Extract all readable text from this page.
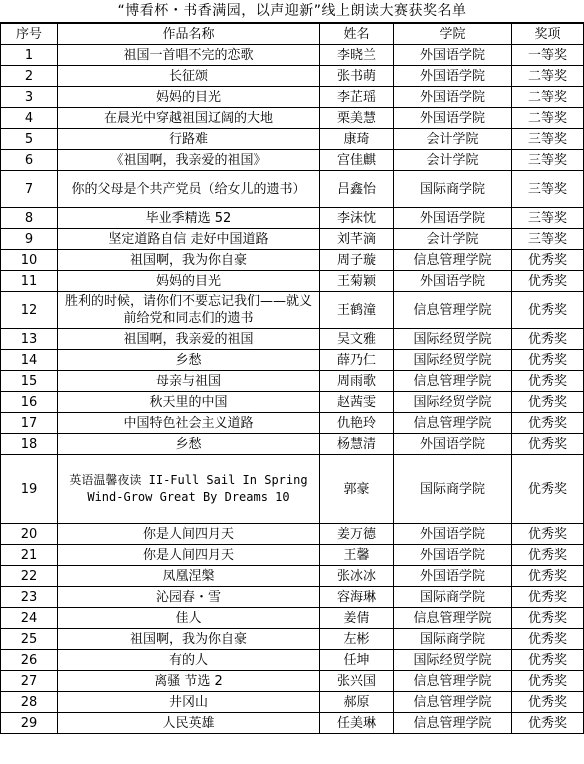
“博看杯・书香满园，以声迎新”线上朗读大赛获奖名单
序号	作品名称	姓名	学院	奖项
1	祖国一首唱不完的恋歌	李晓兰	外国语学院	一等奖
2	长征颂	张书萌	外国语学院	二等奖
3	妈妈的目光	李芷瑶	外国语学院	二等奖
4	在晨光中穿越祖国辽阔的大地	栗美慧	外国语学院	二等奖
5	行路难	康琦	会计学院	三等奖
6	《祖国啊，我亲爱的祖国》	宫佳麒	会计学院	三等奖
7	你的父母是个共产党员（给女儿的遗书）	吕鑫怡	国际商学院	三等奖
8	毕业季精选 52	李沫忱	外国语学院	三等奖
9	坚定道路自信 走好中国道路	刘芊滴	会计学院	三等奖
10	祖国啊，我为你自豪	周子璇	信息管理学院	优秀奖
11	妈妈的目光	王菊颖	外国语学院	优秀奖
12	胜利的时候，请你们不要忘记我们——就义前给党和同志们的遗书	王鹤潼	信息管理学院	优秀奖
13	祖国啊，我亲爱的祖国	吴文雅	国际经贸学院	优秀奖
14	乡愁	薛乃仁	国际经贸学院	优秀奖
15	母亲与祖国	周雨歌	信息管理学院	优秀奖
16	秋天里的中国	赵茜雯	国际经贸学院	优秀奖
17	中国特色社会主义道路	仇艳玲	信息管理学院	优秀奖
18	乡愁	杨慧清	外国语学院	优秀奖
19	英语温馨夜读 II-Full Sail In Spring Wind-Grow Great By Dreams 10	郭豪	国际商学院	优秀奖
20	你是人间四月天	姜万德	外国语学院	优秀奖
21	你是人间四月天	王馨	外国语学院	优秀奖
22	凤凰涅槃	张冰冰	外国语学院	优秀奖
23	沁园春・雪	容海琳	国际商学院	优秀奖
24	佳人	姜倩	信息管理学院	优秀奖
25	祖国啊，我为你自豪	左彬	国际商学院	优秀奖
26	有的人	任坤	国际经贸学院	优秀奖
27	离骚 节选 2	张兴国	信息管理学院	优秀奖
28	井冈山	郝原	信息管理学院	优秀奖
29	人民英雄	任美琳	信息管理学院	优秀奖
